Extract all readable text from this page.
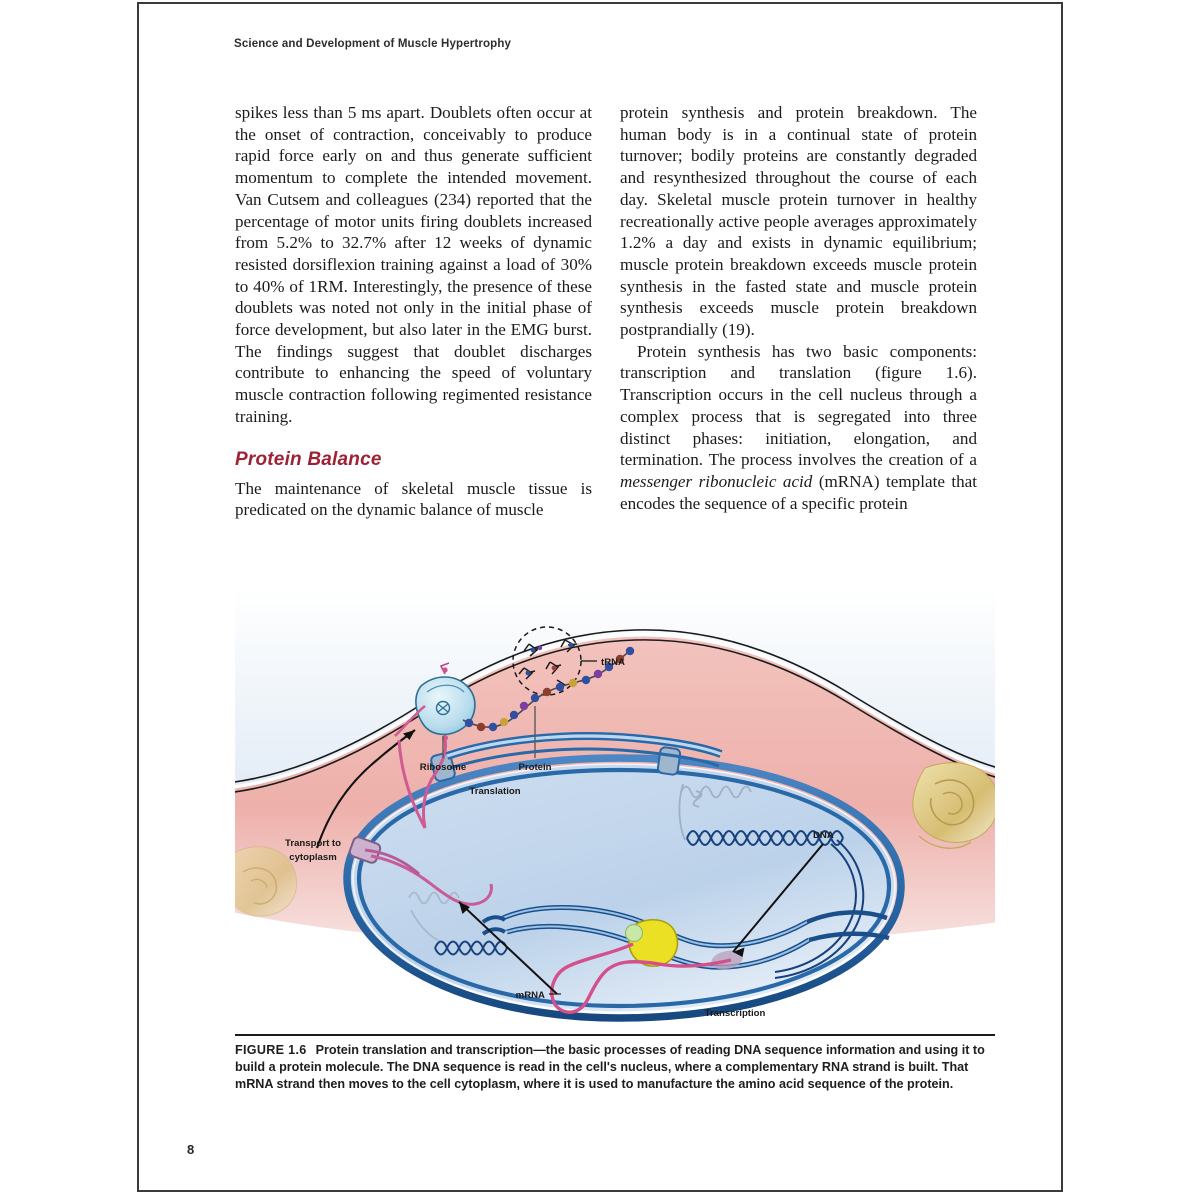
Science and Development of Muscle Hypertrophy

spikes less than 5 ms apart. Doublets often occur at the onset of contraction, conceivably to produce rapid force early on and thus generate sufficient momentum to complete the intended movement. Van Cutsem and colleagues (234) reported that the percentage of motor units firing doublets increased from 5.2% to 32.7% after 12 weeks of dynamic resisted dorsiflexion training against a load of 30% to 40% of 1RM. Interestingly, the presence of these doublets was noted not only in the initial phase of force development, but also later in the EMG burst. The findings suggest that doublet discharges contribute to enhancing the speed of voluntary muscle contraction following regimented resistance training.

Protein Balance

The maintenance of skeletal muscle tissue is predicated on the dynamic balance of muscle

protein synthesis and protein breakdown. The human body is in a continual state of protein turnover; bodily proteins are constantly degraded and resynthesized throughout the course of each day. Skeletal muscle protein turnover in healthy recreationally active people averages approximately 1.2% a day and exists in dynamic equilibrium; muscle protein breakdown exceeds muscle protein synthesis in the fasted state and muscle protein synthesis exceeds muscle protein breakdown postprandially (19).

Protein synthesis has two basic components: transcription and translation (figure 1.6). Transcription occurs in the cell nucleus through a complex process that is segregated into three distinct phases: initiation, elongation, and termination. The process involves the creation of a messenger ribonucleic acid (mRNA) template that encodes the sequence of a specific protein

tRNA
Ribosome	Protein
Translation
Transport to
cytoplasm
DNA
mRNA
Transcription
FIGURE 1.6 Protein translation and transcription—the basic processes of reading DNA sequence information and using it to build a protein molecule. The DNA sequence is read in the cell's nucleus, where a complementary RNA strand is built. That mRNA strand then moves to the cell cytoplasm, where it is used to manufacture the amino acid sequence of the protein.
8
